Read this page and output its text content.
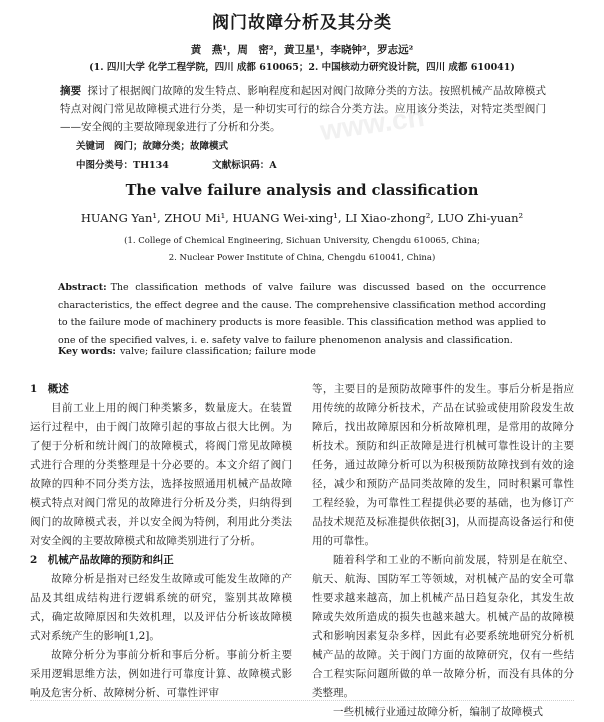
www.cn
阀门故障分析及其分类
黄　燕¹，周　密²，黄卫星¹，李晓钟²，罗志远²
(1. 四川大学 化学工程学院，四川 成都 610065；2. 中国核动力研究设计院，四川 成都 610041)
摘要 探讨了根据阀门故障的发生特点、影响程度和起因对阀门故障分类的方法。按照机械产品故障模式特点对阀门常见故障模式进行分类，是一种切实可行的综合分类方法。应用该分类法，对特定类型阀门——安全阀的主要故障现象进行了分析和分类。
关键词　 阀门；故障分类；故障模式
中图分类号：TH134	文献标识码：A
The valve failure analysis and classification
HUANG Yan¹, ZHOU Mi¹, HUANG Wei-xing¹, LI Xiao-zhong², LUO Zhi-yuan²
(1. College of Chemical Engineering, Sichuan University, Chengdu 610065, China;
2. Nuclear Power Institute of China, Chengdu 610041, China)
Abstract: The classification methods of valve failure was discussed based on the occurrence characteristics, the effect degree and the cause. The comprehensive classification method according to the failure mode of machinery products is more feasible. This classification method was applied to one of the specified valves, i. e. safety valve to failure phenomenon analysis and classification.
Key words: valve; failure classification; failure mode
1　概述

目前工业上用的阀门种类繁多，数量庞大。在装置运行过程中，由于阀门故障引起的事故占很大比例。为了便于分析和统计阀门的故障模式，将阀门常见故障模式进行合理的分类整理是十分必要的。本文介绍了阀门故障的四种不同分类方法，选择按照通用机械产品故障模式特点对阀门常见的故障进行分析及分类，归纳得到阀门的故障模式表，并以安全阀为特例，利用此分类法对安全阀的主要故障模式和故障类别进行了分析。

2　机械产品故障的预防和纠正

故障分析是指对已经发生故障或可能发生故障的产品及其组成结构进行逻辑系统的研究，鉴别其故障模式，确定故障原因和失效机理，以及评估分析该故障模式对系统产生的影响[1,2]。

故障分析分为事前分析和事后分析。事前分析主要采用逻辑思维方法，例如进行可靠度计算、故障模式影响及危害分析、故障树分析、可靠性评审

等，主要目的是预防故障事件的发生。事后分析是指应用传统的故障分析技术，产品在试验或使用阶段发生故障后，找出故障原因和分析故障机理，是常用的故障分析技术。预防和纠正故障是进行机械可靠性设计的主要任务，通过故障分析可以为积极预防故障找到有效的途径，减少和预防产品同类故障的发生，同时积累可靠性工程经验，为可靠性工程提供必要的基础，也为修订产品技术规范及标准提供依据[3]，从而提高设备运行和使用的可靠性。

随着科学和工业的不断向前发展，特别是在航空、航天、航海、国防军工等领域，对机械产品的安全可靠性要求越来越高，加上机械产品日趋复杂化，其发生故障或失效所造成的损失也越来越大。机械产品的故障模式和影响因素复杂多样，因此有必要系统地研究分析机械产品的故障。关于阀门方面的故障研究，仅有一些结合工程实际问题所做的单一故障分析，而没有具体的分类整理。

一些机械行业通过故障分析，编制了故障模式
